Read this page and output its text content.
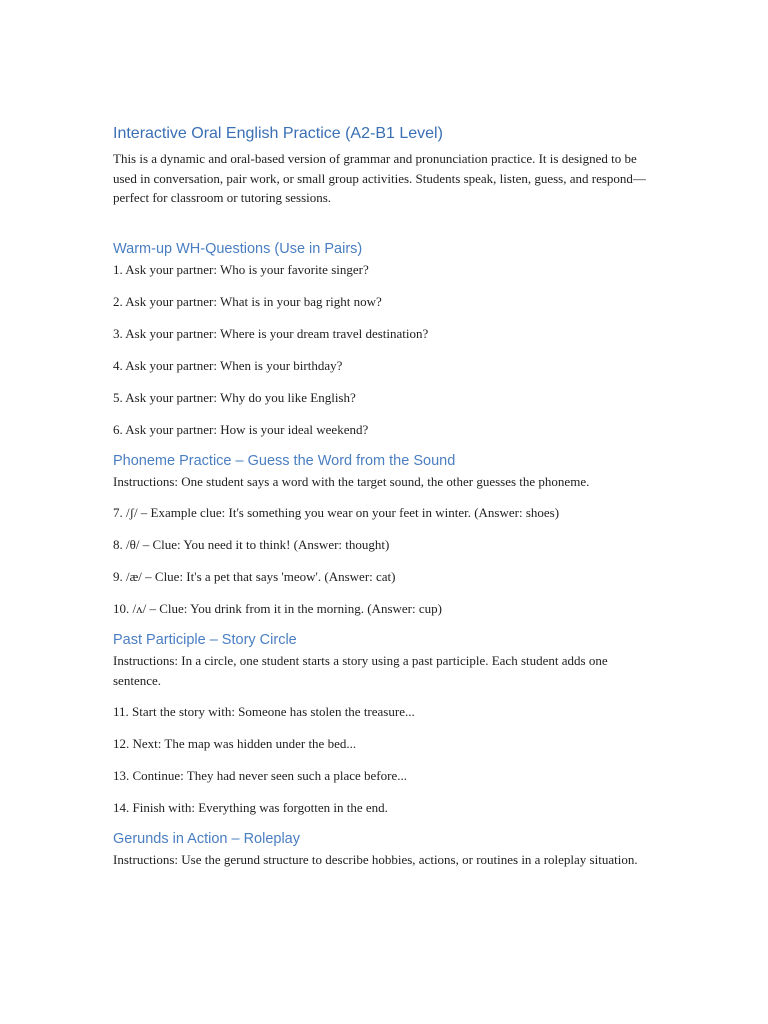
Interactive Oral English Practice (A2-B1 Level)

This is a dynamic and oral-based version of grammar and pronunciation practice. It is designed to be used in conversation, pair work, or small group activities. Students speak, listen, guess, and respond—perfect for classroom or tutoring sessions.

Warm-up WH-Questions (Use in Pairs)

1. Ask your partner: Who is your favorite singer?

2. Ask your partner: What is in your bag right now?

3. Ask your partner: Where is your dream travel destination?

4. Ask your partner: When is your birthday?

5. Ask your partner: Why do you like English?

6. Ask your partner: How is your ideal weekend?

Phoneme Practice – Guess the Word from the Sound

Instructions: One student says a word with the target sound, the other guesses the phoneme.

7. /ʃ/ – Example clue: It's something you wear on your feet in winter. (Answer: shoes)

8. /θ/ – Clue: You need it to think! (Answer: thought)

9. /æ/ – Clue: It's a pet that says 'meow'. (Answer: cat)

10. /ʌ/ – Clue: You drink from it in the morning. (Answer: cup)

Past Participle – Story Circle

Instructions: In a circle, one student starts a story using a past participle. Each student adds one sentence.

11. Start the story with: Someone has stolen the treasure...

12. Next: The map was hidden under the bed...

13. Continue: They had never seen such a place before...

14. Finish with: Everything was forgotten in the end.

Gerunds in Action – Roleplay

Instructions: Use the gerund structure to describe hobbies, actions, or routines in a roleplay situation.
